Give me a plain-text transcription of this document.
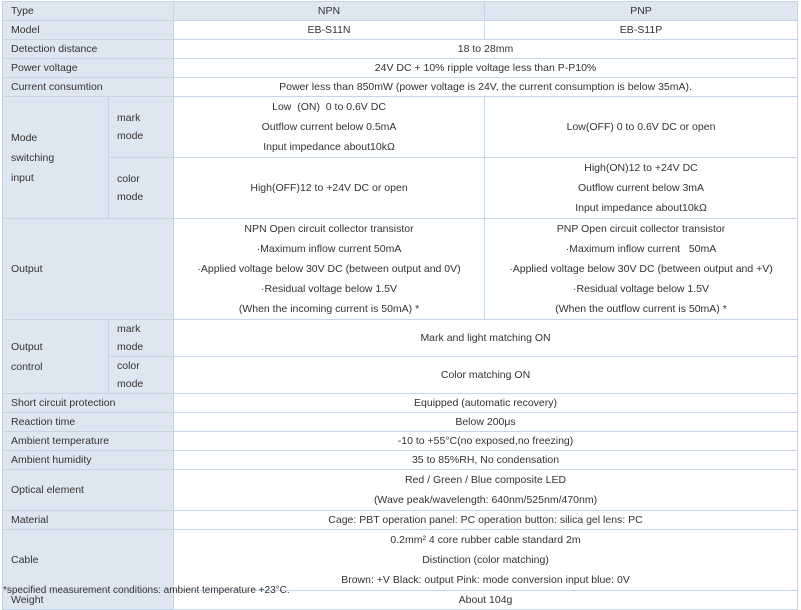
Type		NPN	PNP
Model		EB-S11N	EB-S11P
Detection distance		18 to 28mm	
Power voltage		24V DC + 10% ripple voltage less than P-P10%	
Current consumtion		Power less than 850mW (power voltage is 24V, the current consumption is below 35mA).	

Mode
switching
input	mark mode	Low  (ON)  0 to 0.6V DC
Outflow current below 0.5mA
Input impedance about10kΩ	Low(OFF) 0 to 0.6V DC or open
	color mode	High(OFF)12 to +24V DC or open	High(ON)12 to +24V DC
Outflow current below 3mA
Input impedance about10kΩ

Output		NPN Open circuit collector transistor
·Maximum inflow current 50mA
·Applied voltage below 30V DC (between output and 0V)
·Residual voltage below 1.5V
(When the incoming current is 50mA) *	PNP Open circuit collector transistor
·Maximum inflow current   50mA
·Applied voltage below 30V DC (between output and +V)
·Residual voltage below 1.5V
(When the outflow current is 50mA) *

Output
control	mark mode	Mark and light matching ON	
	color mode	Color matching ON	
Short circuit protection		Equipped (automatic recovery)	
Reaction time		Below 200μs	
Ambient temperature		-10 to +55°C(no exposed,no freezing)	
Ambient humidity		35 to 85%RH, No condensation	
Optical element		Red / Green / Blue composite LED
(Wave peak/wavelength: 640nm/525nm/470nm)	

Material		Cage: PBT operation panel: PC operation button: silica gel lens: PC	
Cable		0.2mm² 4 core rubber cable standard 2m
Distinction (color matching)
Brown: +V Black: output Pink: mode conversion input blue: 0V	

Weight		About 104g	
*specified measurement conditions: ambient temperature +23°C.
